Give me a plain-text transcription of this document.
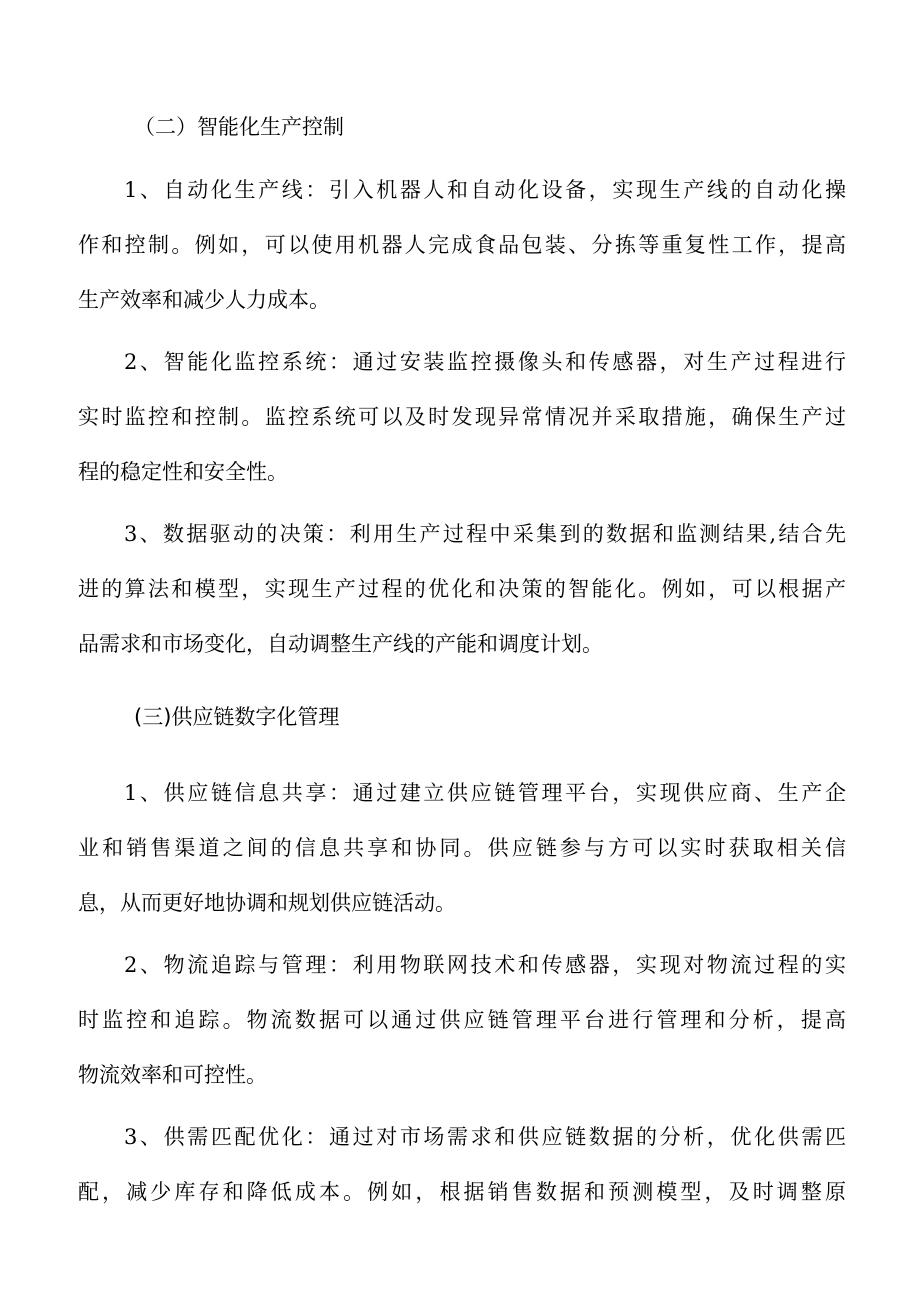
（二）智能化生产控制
1、自动化生产线：引入机器人和自动化设备，实现生产线的自动化操
作和控制。例如，可以使用机器人完成食品包装、分拣等重复性工作，提高
生产效率和减少人力成本。
2、智能化监控系统：通过安装监控摄像头和传感器，对生产过程进行
实时监控和控制。监控系统可以及时发现异常情况并采取措施，确保生产过
程的稳定性和安全性。
3、数据驱动的决策：利用生产过程中采集到的数据和监测结果,结合先
进的算法和模型，实现生产过程的优化和决策的智能化。例如，可以根据产
品需求和市场变化，自动调整生产线的产能和调度计划。
(三)供应链数字化管理
1、供应链信息共享：通过建立供应链管理平台，实现供应商、生产企
业和销售渠道之间的信息共享和协同。供应链参与方可以实时获取相关信
息，从而更好地协调和规划供应链活动。
2、物流追踪与管理：利用物联网技术和传感器，实现对物流过程的实
时监控和追踪。物流数据可以通过供应链管理平台进行管理和分析，提高
物流效率和可控性。
3、供需匹配优化：通过对市场需求和供应链数据的分析，优化供需匹
配，减少库存和降低成本。例如，根据销售数据和预测模型，及时调整原
